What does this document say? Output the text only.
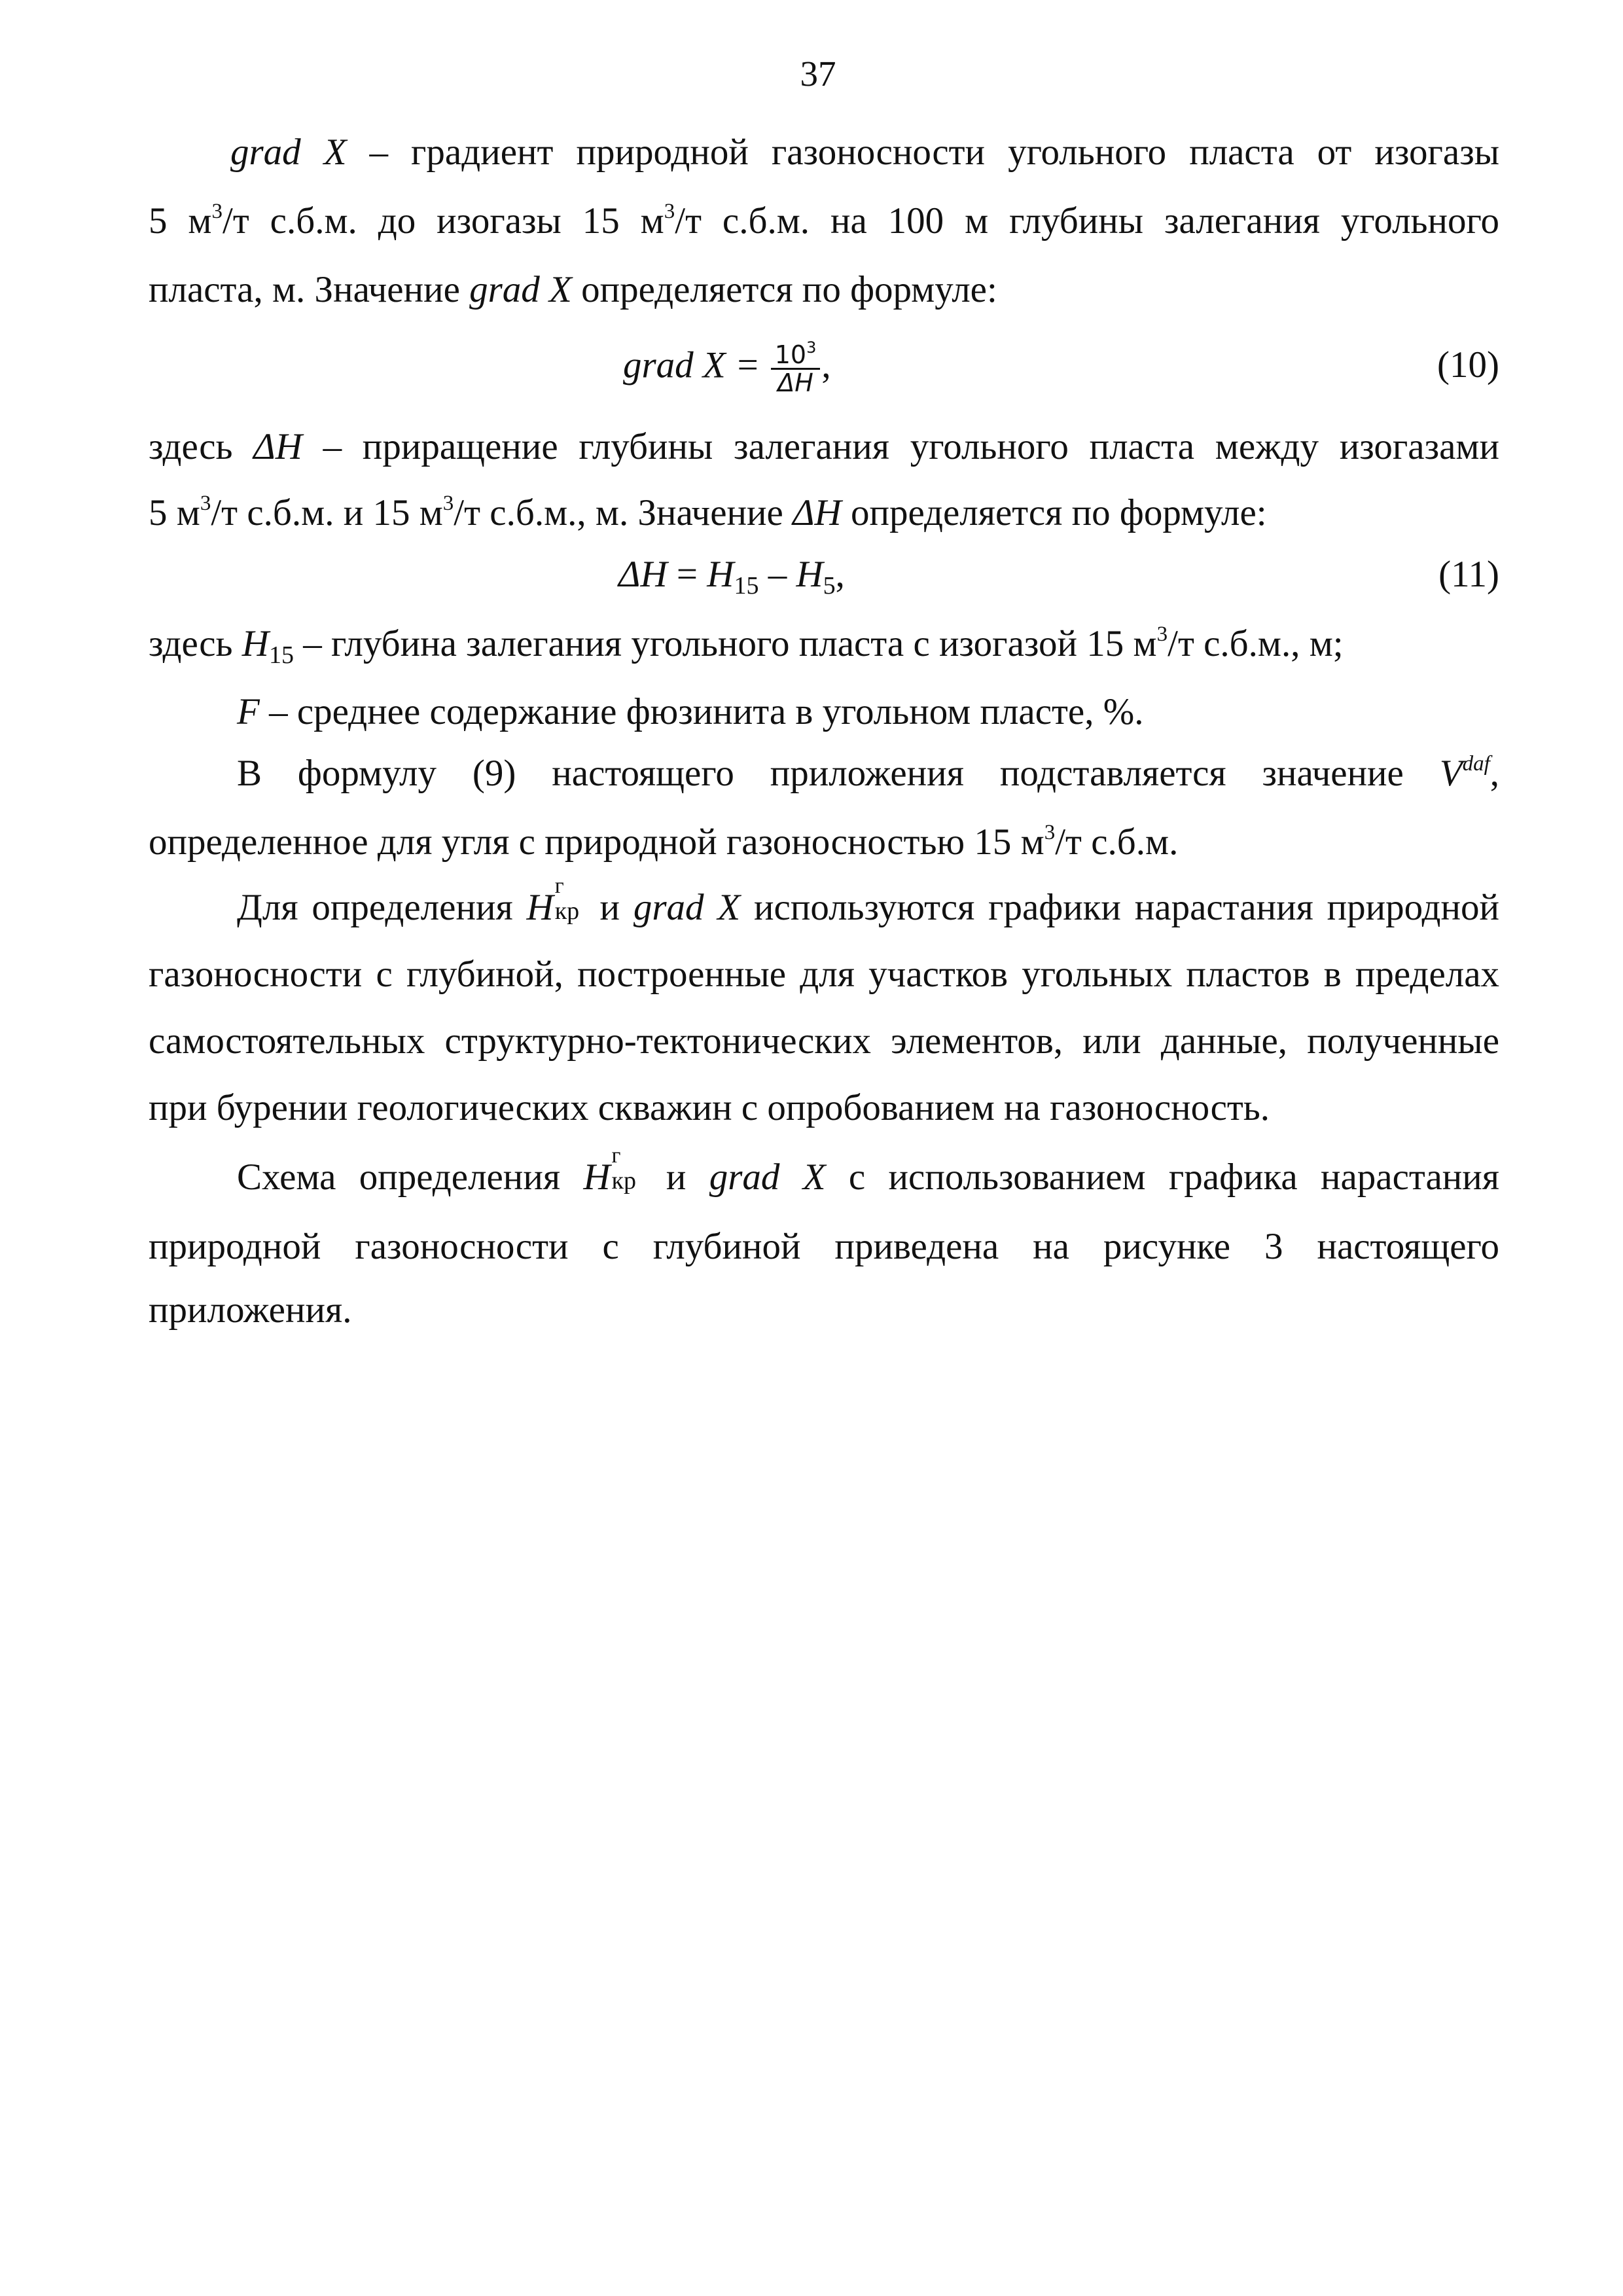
37
grad X – градиент природной газоносности угольного пласта от изогазы
5 $м^3/т$ с.б.м. до изогазы 15 $м^3/т$ с.б.м. на 100 м глубины залегания угольного
пласта, м. Значение grad X определяется по формуле:
grad $X = \frac{10^3}{\Delta H}$ ,	(10)
здесь ΔH – приращение глубины залегания угольного пласта между изогазами
5 $м^3/т$ с.б.м. и 15 $м^3/т$ с.б.м., м. Значение ΔH определяется по формуле:
$\Delta H = H_{15} - H_5$,	(11)
здесь $H_{15}$ – глубина залегания угольного пласта с изогазой 15 $м^3/т$ с.б.м., м;
F – среднее содержание фюзинита в угольном пласте, %.
В формулу (9) настоящего приложения подставляется значение $V^{daf}$,
определенное для угля с природной газоносностью 15 $м^3/т$ с.б.м.
Для определения H
г
кр и grad X используются графики нарастания природной
газоносности с глубиной, построенные для участков угольных пластов в пределах
самостоятельных структурно-тектонических элементов, или данные, полученные
при бурении геологических скважин с опробованием на газоносность.
Схема определения H
г
кр и grad X с использованием графика нарастания
природной газоносности с глубиной приведена на рисунке 3 настоящего
приложения.
